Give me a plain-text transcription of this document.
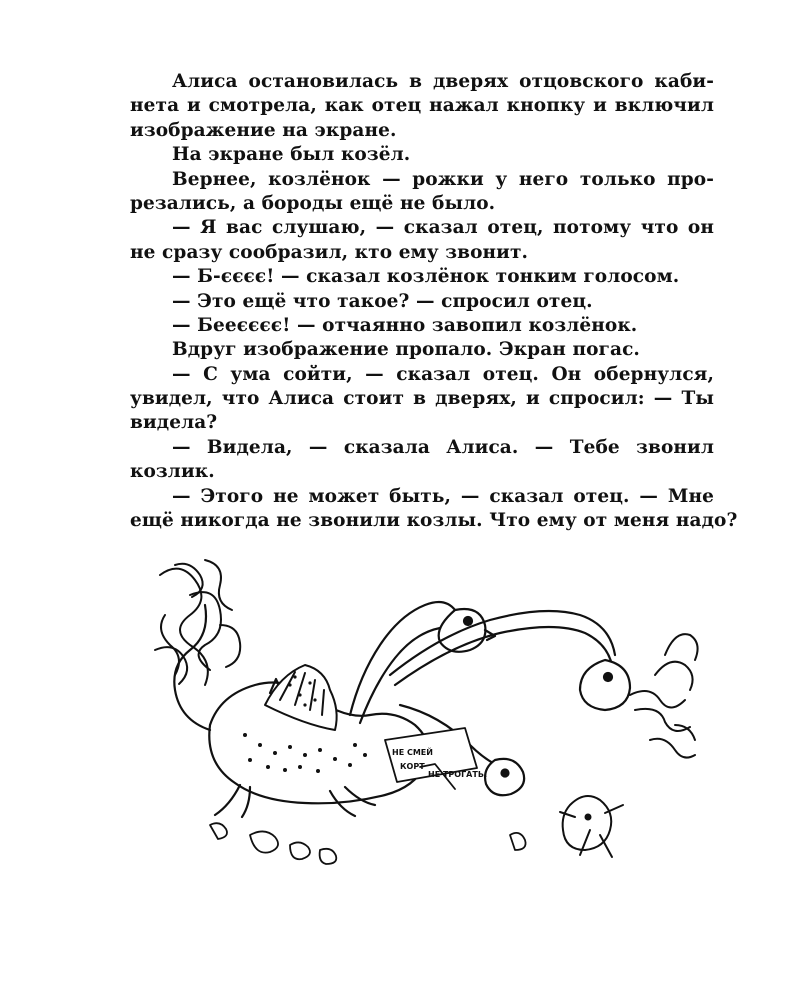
Алиса остановилась в дверях отцовского каби-
нета и смотрела, как отец нажал кнопку и включил
изображение на экране.
На экране был козёл.
Вернее, козлёнок — рожки у него только про-
резались, а бороды ещё не было.
— Я вас слушаю, — сказал отец, потому что он
не сразу сообразил, кто ему звонит.
— Б-єєєє! — сказал козлёнок тонким голосом.
— Это ещё что такое? — спросил отец.
— Бееєєєє! — отчаянно завопил козлёнок.
Вдруг изображение пропало. Экран погас.
— С ума сойти, — сказал отец. Он обернулся,
увидел, что Алиса стоит в дверях, и спросил: — Ты
видела?
— Видела, — сказала Алиса. — Тебе звонил
козлик.
— Этого не может быть, — сказал отец. — Мне
ещё никогда не звонили козлы. Что ему от меня надо?
НЕ СМЕЙ
КОРТ
НЕ ТРОГАТЬ!
